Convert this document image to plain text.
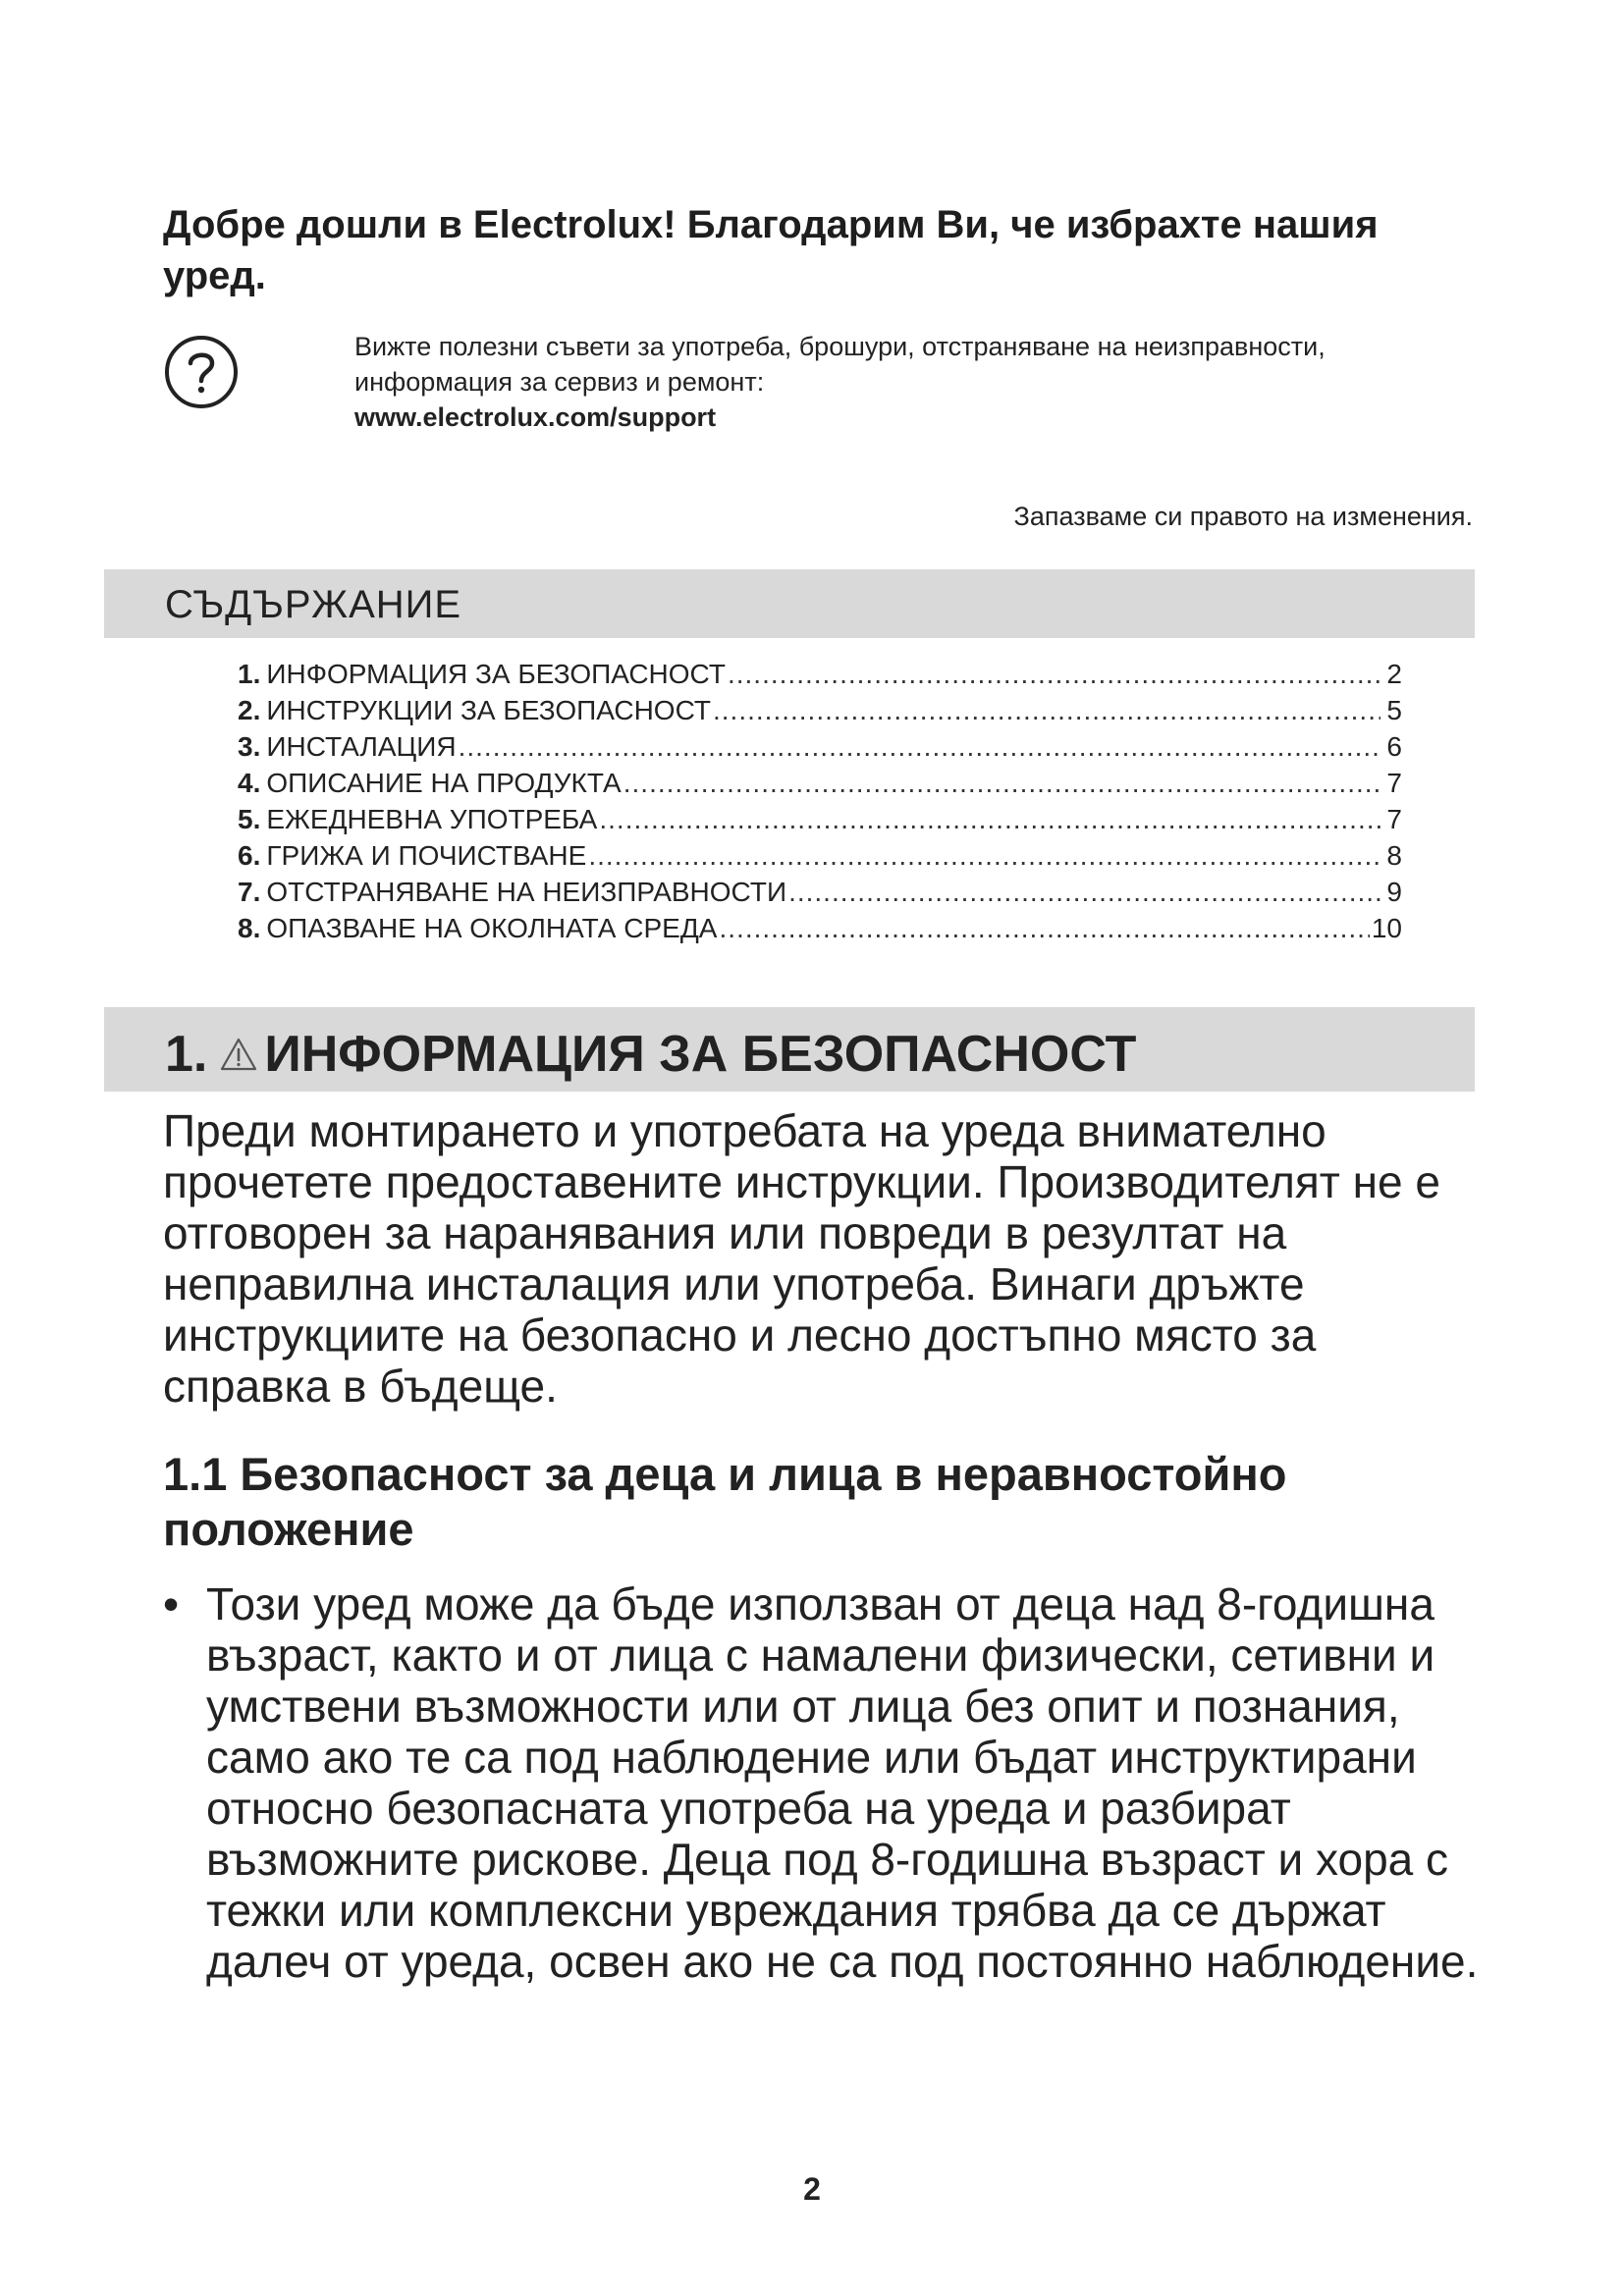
Добре дошли в Electrolux! Благодарим Ви, че избрахте нашия уред.
Вижте полезни съвети за употреба, брошури, отстраняване на неизправности,
информация за сервиз и ремонт:
www.electrolux.com/support
Запазваме си правото на изменения.
СЪДЪРЖАНИЕ
1. ИНФОРМАЦИЯ ЗА БЕЗОПАСНОСТ .....	2
2. ИНСТРУКЦИИ ЗА БЕЗОПАСНОСТ .....	5
3. ИНСТАЛАЦИЯ .....	6
4. ОПИСАНИЕ НА ПРОДУКТА .....	7
5. ЕЖЕДНЕВНА УПОТРЕБА .....	7
6. ГРИЖА И ПОЧИСТВАНЕ .....	8
7. ОТСТРАНЯВАНЕ НА НЕИЗПРАВНОСТИ .....	9
8. ОПАЗВАНЕ НА ОКОЛНАТА СРЕДА .....	10
1. ИНФОРМАЦИЯ ЗА БЕЗОПАСНОСТ
Преди монтирането и употребата на уреда внимателно прочетете предоставените инструкции. Производителят не е отговорен за наранявания или повреди в резултат на неправилна инсталация или употреба. Винаги дръжте инструкциите на безопасно и лесно достъпно място за справка в бъдеще.
1.1 Безопасност за деца и лица в неравностойно положение
• Този уред може да бъде използван от деца над 8-годишна възраст, както и от лица с намалени физически, сетивни и умствени възможности или от лица без опит и познания, само ако те са под наблюдение или бъдат инструктирани относно безопасната употреба на уреда и разбират възможните рискове. Деца под 8-годишна възраст и хора с тежки или комплексни увреждания трябва да се държат далеч от уреда, освен ако не са под постоянно наблюдение.
2
